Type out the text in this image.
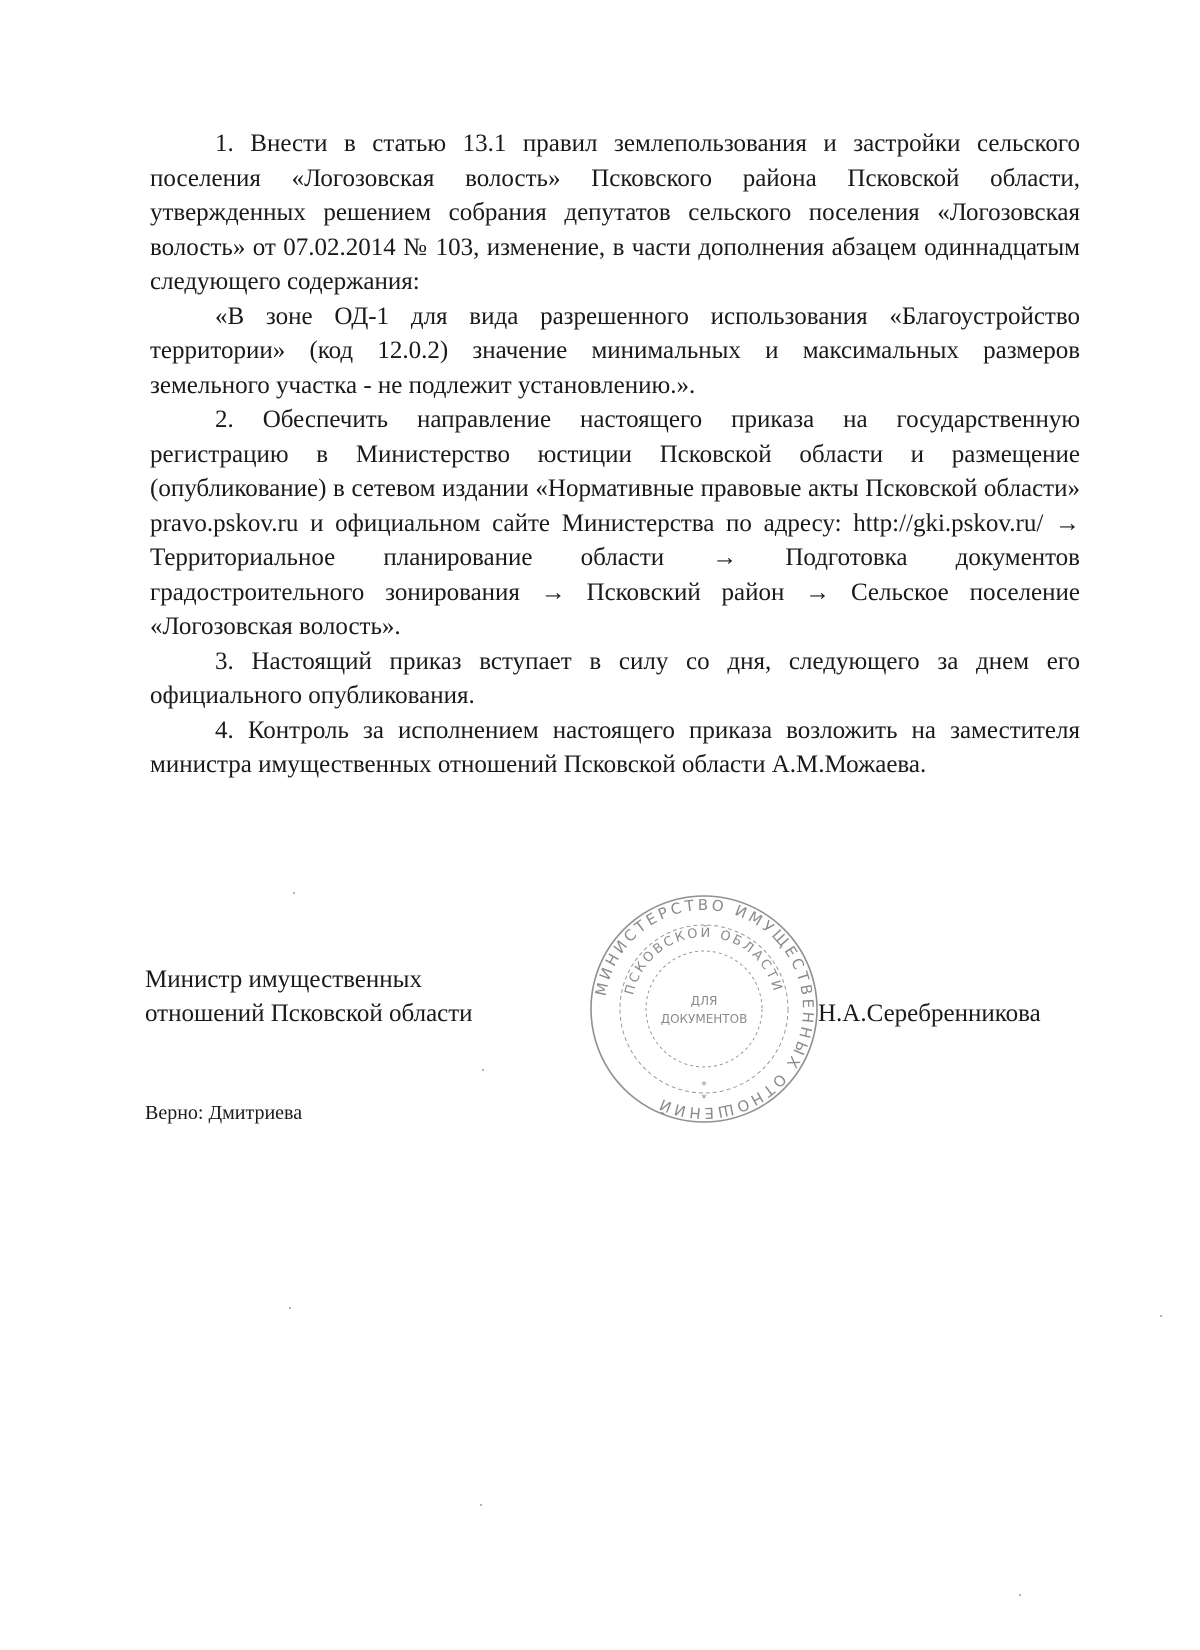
1. Внести в статью 13.1 правил землепользования и застройки сельского поселения «Логозовская волость» Псковского района Псковской области, утвержденных решением собрания депутатов сельского поселения «Логозовская волость» от 07.02.2014 № 103, изменение, в части дополнения абзацем одиннадцатым следующего содержания:

«В зоне ОД-1 для вида разрешенного использования «Благоустройство территории» (код 12.0.2) значение минимальных и максимальных размеров земельного участка - не подлежит установлению.».

2. Обеспечить направление настоящего приказа на государственную регистрацию в Министерство юстиции Псковской области и размещение (опубликование) в сетевом издании «Нормативные правовые акты Псковской области» pravo.pskov.ru и официальном сайте Министерства по адресу: http://gki.pskov.ru/ → Территориальное планирование области → Подготовка документов градостроительного зонирования → Псковский район → Сельское поселение «Логозовская волость».

3. Настоящий приказ вступает в силу со дня, следующего за днем его официального опубликования.

4. Контроль за исполнением настоящего приказа возложить на заместителя министра имущественных отношений Псковской области А.М.Можаева.

Министр имущественных
отношений Псковской области
МИНИСТЕРСТВО ИМУЩЕСТВЕННЫХ ОТНОШЕНИЙ
ПСКОВСКОЙ ОБЛАСТИ
ДЛЯ
ДОКУМЕНТОВ
*
*
Н.А.Серебренникова
Верно: Дмитриева
